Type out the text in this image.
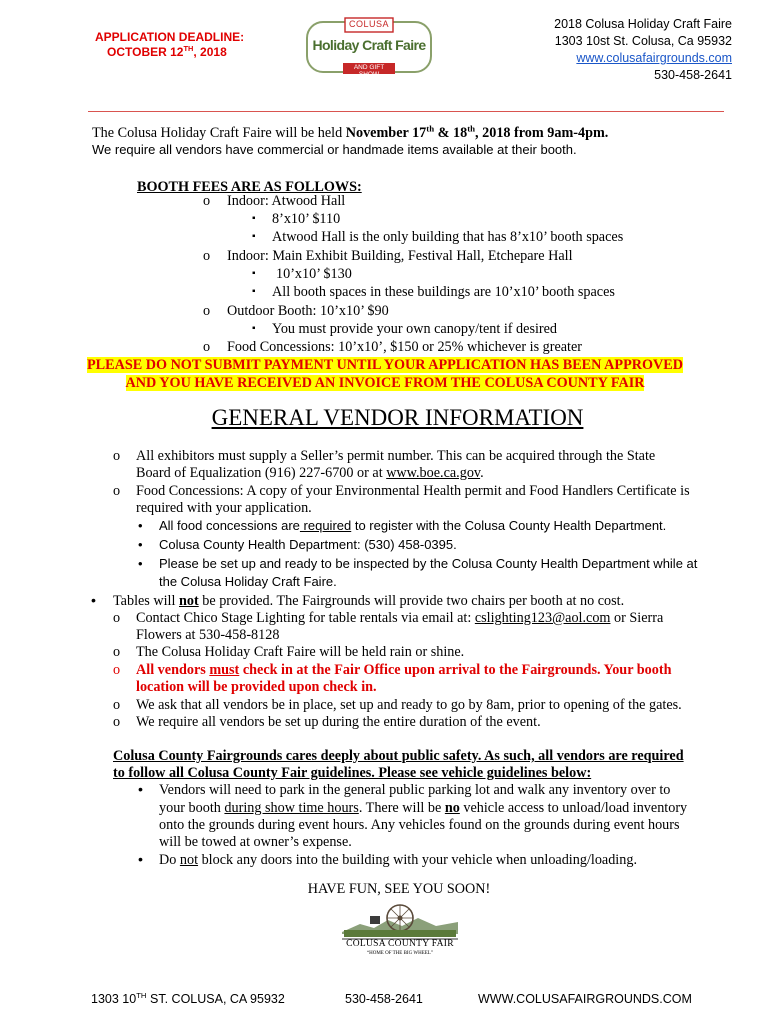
APPLICATION DEADLINE:
OCTOBER 12TH, 2018
COLUSA
Holiday Craft Faire
AND GIFT SHOW
2018 Colusa Holiday Craft Faire
1303 10st St. Colusa, Ca 95932
www.colusafairgrounds.com
530-458-2641
The Colusa Holiday Craft Faire will be held November 17th & 18th, 2018 from 9am-4pm.
We require all vendors have commercial or handmade items available at their booth.
BOOTH FEES ARE AS FOLLOWS:
o Indoor: Atwood Hall
▪ 8’x10’ $110
▪ Atwood Hall is the only building that has 8’x10’ booth spaces
o Indoor: Main Exhibit Building, Festival Hall, Etchepare Hall
▪ 10’x10’ $130
▪ All booth spaces in these buildings are 10’x10’ booth spaces
o Outdoor Booth: 10’x10’ $90
▪ You must provide your own canopy/tent if desired
o Food Concessions: 10’x10’, $150 or 25% whichever is greater
PLEASE DO NOT SUBMIT PAYMENT UNTIL YOUR APPLICATION HAS BEEN APPROVED
AND YOU HAVE RECEIVED AN INVOICE FROM THE COLUSA COUNTY FAIR
GENERAL VENDOR INFORMATION
o All exhibitors must supply a Seller’s permit number. This can be acquired through the State
Board of Equalization (916) 227-6700 or at www.boe.ca.gov.
o Food Concessions: A copy of your Environmental Health permit and Food Handlers Certificate is
required with your application.
• All food concessions are required to register with the Colusa County Health Department.
• Colusa County Health Department: (530) 458-0395.
• Please be set up and ready to be inspected by the Colusa County Health Department while at
the Colusa Holiday Craft Faire.
• Tables will not be provided. The Fairgrounds will provide two chairs per booth at no cost.
o Contact Chico Stage Lighting for table rentals via email at: cslighting123@aol.com or Sierra
Flowers at 530-458-8128
o The Colusa Holiday Craft Faire will be held rain or shine.
o All vendors must check in at the Fair Office upon arrival to the Fairgrounds. Your booth
location will be provided upon check in.
o We ask that all vendors be in place, set up and ready to go by 8am, prior to opening of the gates.
o We require all vendors be set up during the entire duration of the event.
Colusa County Fairgrounds cares deeply about public safety. As such, all vendors are required
to follow all Colusa County Fair guidelines. Please see vehicle guidelines below:
• Vendors will need to park in the general public parking lot and walk any inventory over to
your booth during show time hours. There will be no vehicle access to unload/load inventory
onto the grounds during event hours. Any vehicles found on the grounds during event hours
will be towed at owner’s expense.
• Do not block any doors into the building with your vehicle when unloading/loading.
HAVE FUN, SEE YOU SOON!
COLUSA COUNTY FAIR
“HOME OF THE BIG WHEEL”
1303 10TH ST. COLUSA, CA 95932	530-458-2641	WWW.COLUSAFAIRGROUNDS.COM
